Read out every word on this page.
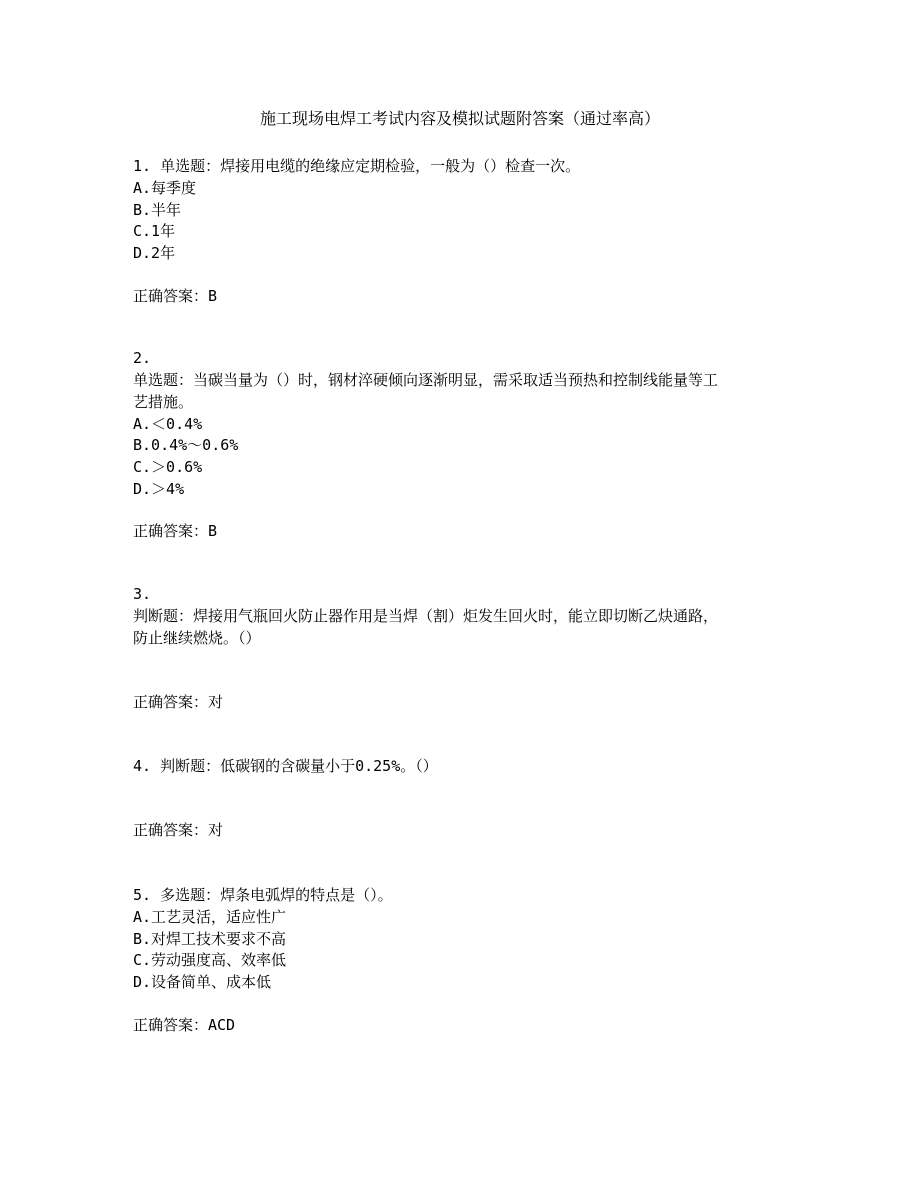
施工现场电焊工考试内容及模拟试题附答案（通过率高）
1. 单选题：焊接用电缆的绝缘应定期检验，一般为（）检查一次。
A.每季度
B.半年
C.1年
D.2年
正确答案：B
2.
单选题：当碳当量为（）时，钢材淬硬倾向逐渐明显，需采取适当预热和控制线能量等工
艺措施。
A.＜0.4%
B.0.4%～0.6%
C.＞0.6%
D.＞4%
正确答案：B
3.
判断题：焊接用气瓶回火防止器作用是当焊（割）炬发生回火时，能立即切断乙炔通路，
防止继续燃烧。（）
正确答案：对
4. 判断题：低碳钢的含碳量小于0.25%。（）
正确答案：对
5. 多选题：焊条电弧焊的特点是（）。
A.工艺灵活，适应性广
B.对焊工技术要求不高
C.劳动强度高、效率低
D.设备简单、成本低
正确答案：ACD
